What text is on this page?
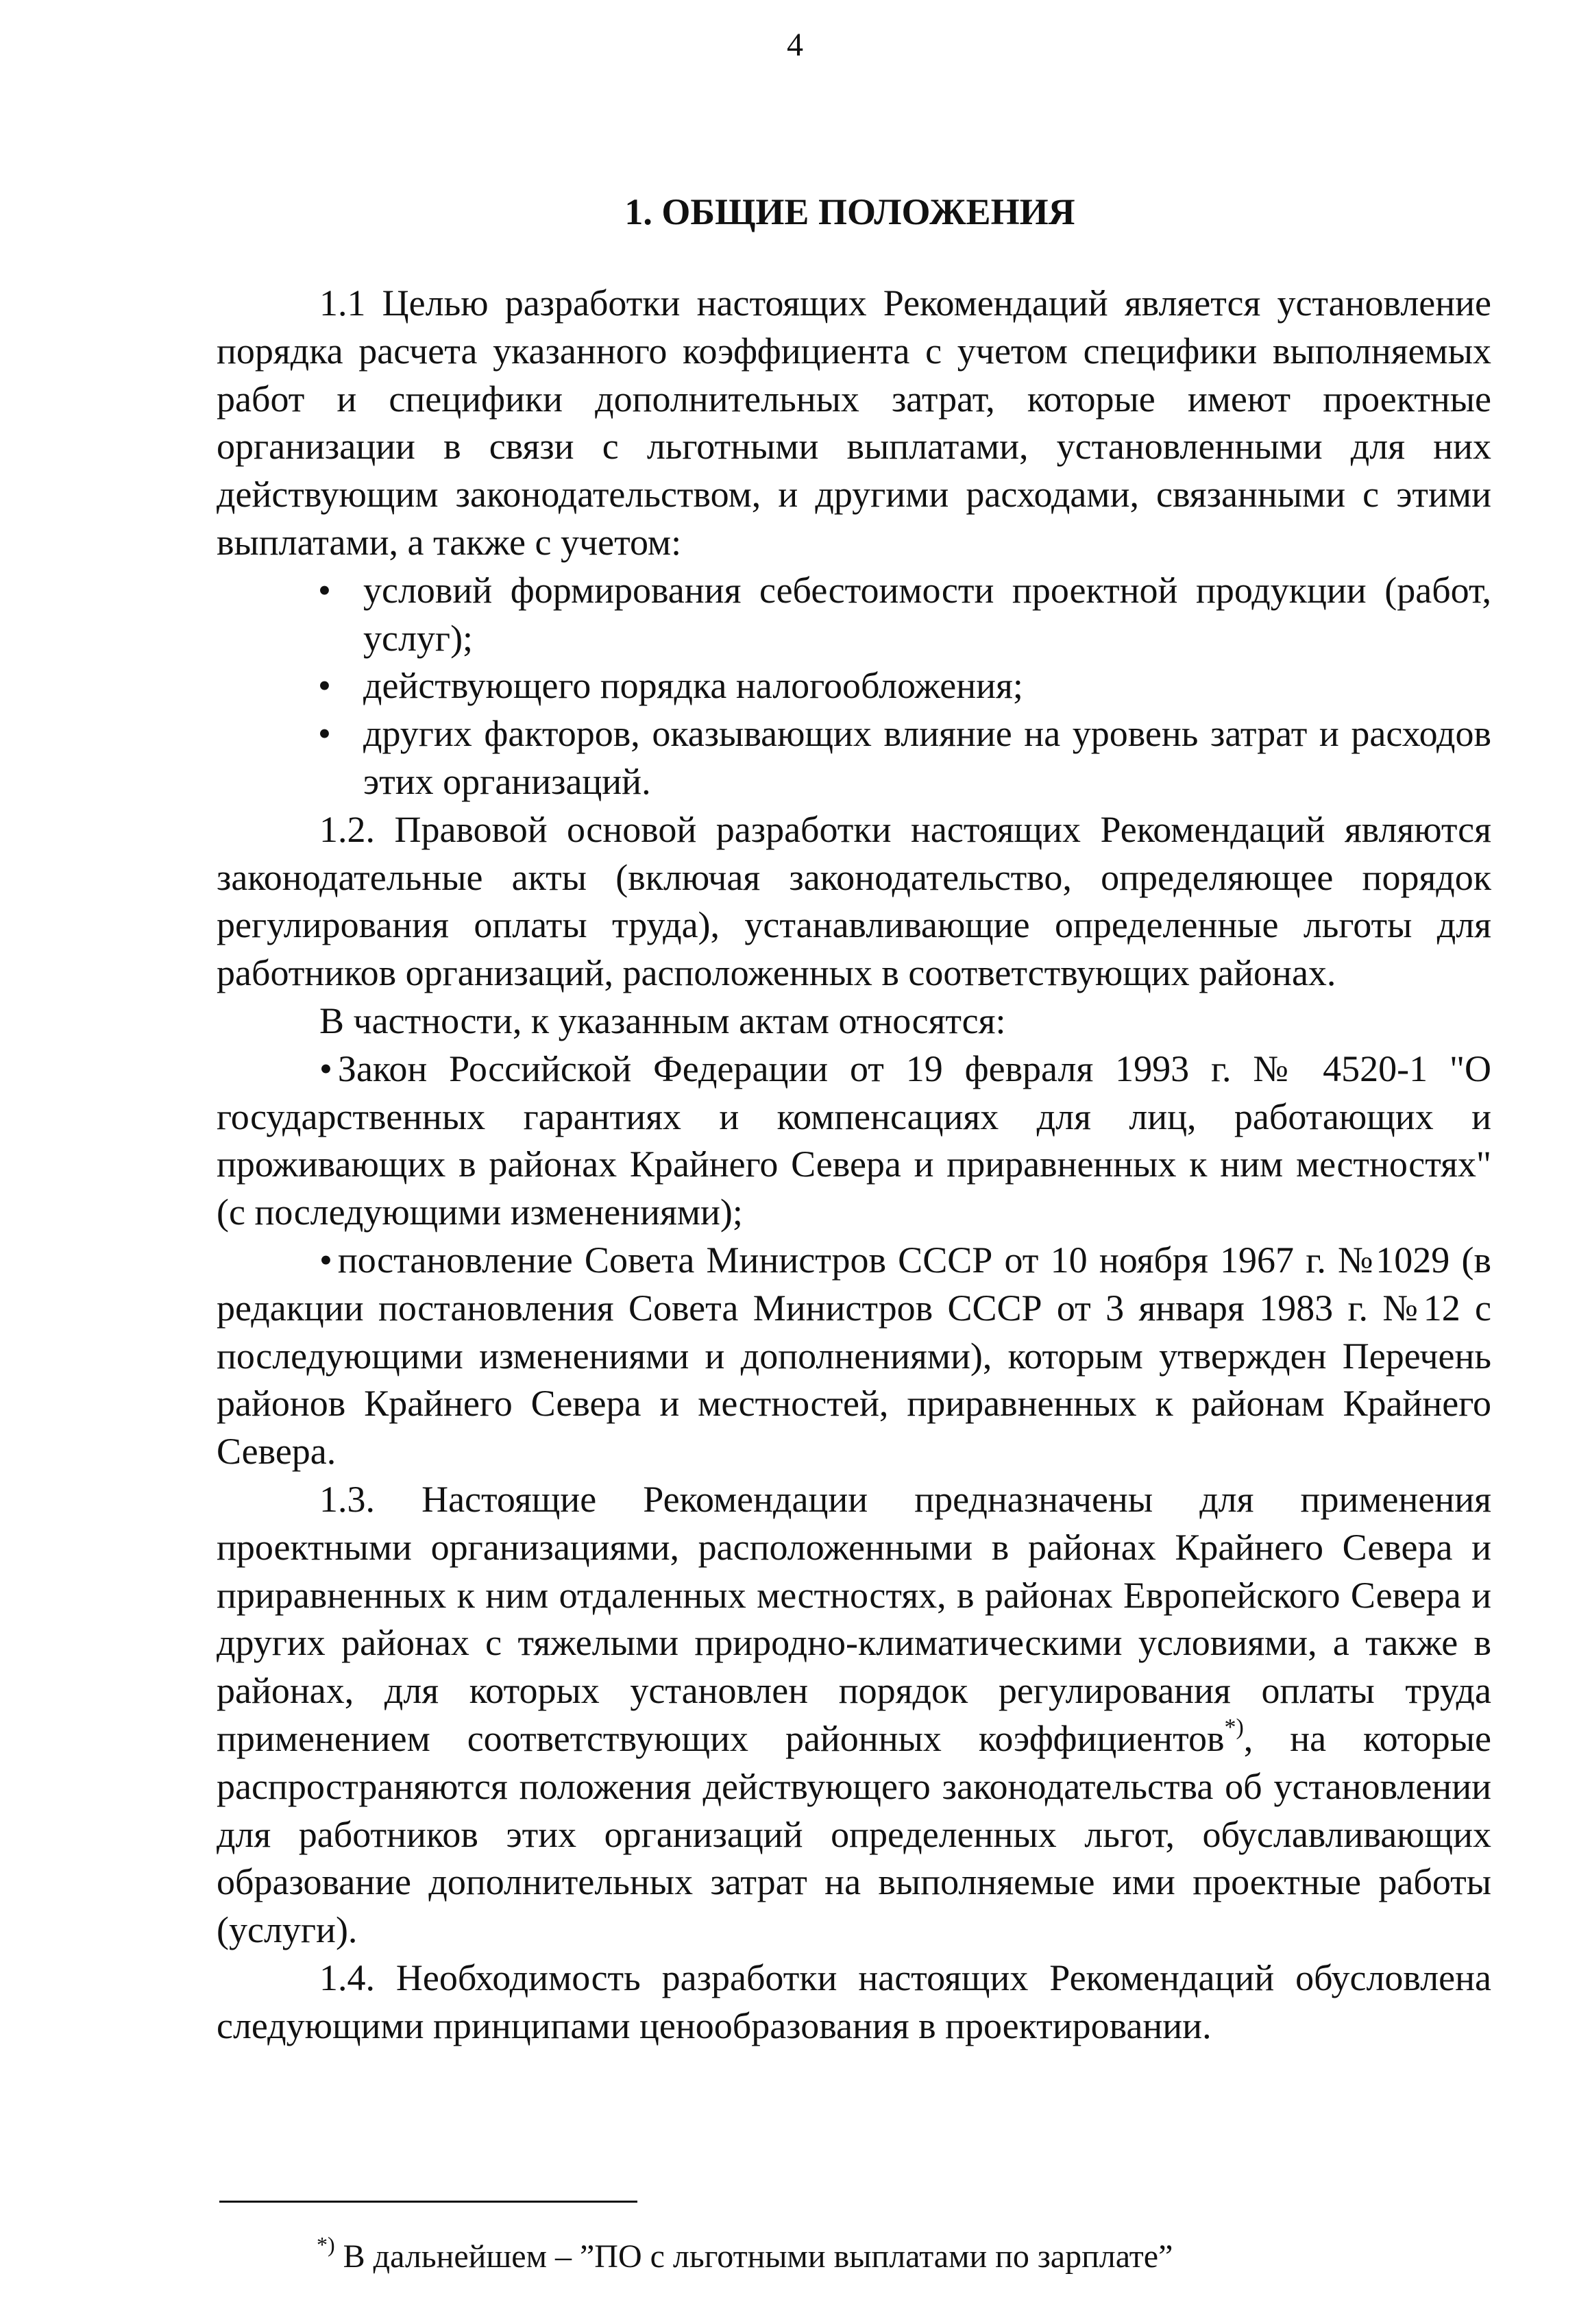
4
1. ОБЩИЕ ПОЛОЖЕНИЯ

1.1 Целью разработки настоящих Рекомендаций является установление порядка расчета указанного коэффициента с учетом специфики выполняемых работ и специфики дополнительных затрат, которые имеют проектные организации в связи с льготными выплатами, установленными для них действующим законодательством, и другими расходами, связанными с этими выплатами, а также с учетом:

• условий формирования себестоимости проектной продукции (работ, услуг);
• действующего порядка налогообложения;
• других факторов, оказывающих влияние на уровень затрат и расходов этих организаций.

1.2. Правовой основой разработки настоящих Рекомендаций являются законодательные акты (включая законодательство, определяющее порядок регулирования оплаты труда), устанавливающие определенные льготы для работников организаций, расположенных в соответствующих районах.

В частности, к указанным актам относятся:

• Закон Российской Федерации от 19 февраля 1993 г. № 4520-1 "О государственных гарантиях и компенсациях для лиц, работающих и проживающих в районах Крайнего Севера и приравненных к ним местностях" (с последующими изменениями);

• постановление Совета Министров СССР от 10 ноября 1967 г. №1029 (в редакции постановления Совета Министров СССР от 3 января 1983 г. №12 с последующими изменениями и дополнениями), которым утвержден Перечень районов Крайнего Севера и местностей, приравненных к районам Крайнего Севера.

1.3. Настоящие Рекомендации предназначены для применения проектными организациями, расположенными в районах Крайнего Севера и приравненных к ним отдаленных местностях, в районах Европейского Севера и других районах с тяжелыми природно-климатическими условиями, а также в районах, для которых установлен порядок регулирования оплаты труда применением соответствующих районных коэффициентов*), на которые распространяются положения действующего законодательства об установлении для работников этих организаций определенных льгот, обуславливающих образование дополнительных затрат на выполняемые ими проектные работы (услуги).

1.4. Необходимость разработки настоящих Рекомендаций обусловлена следующими принципами ценообразования в проектировании.

*) В дальнейшем – ”ПО с льготными выплатами по зарплате”
